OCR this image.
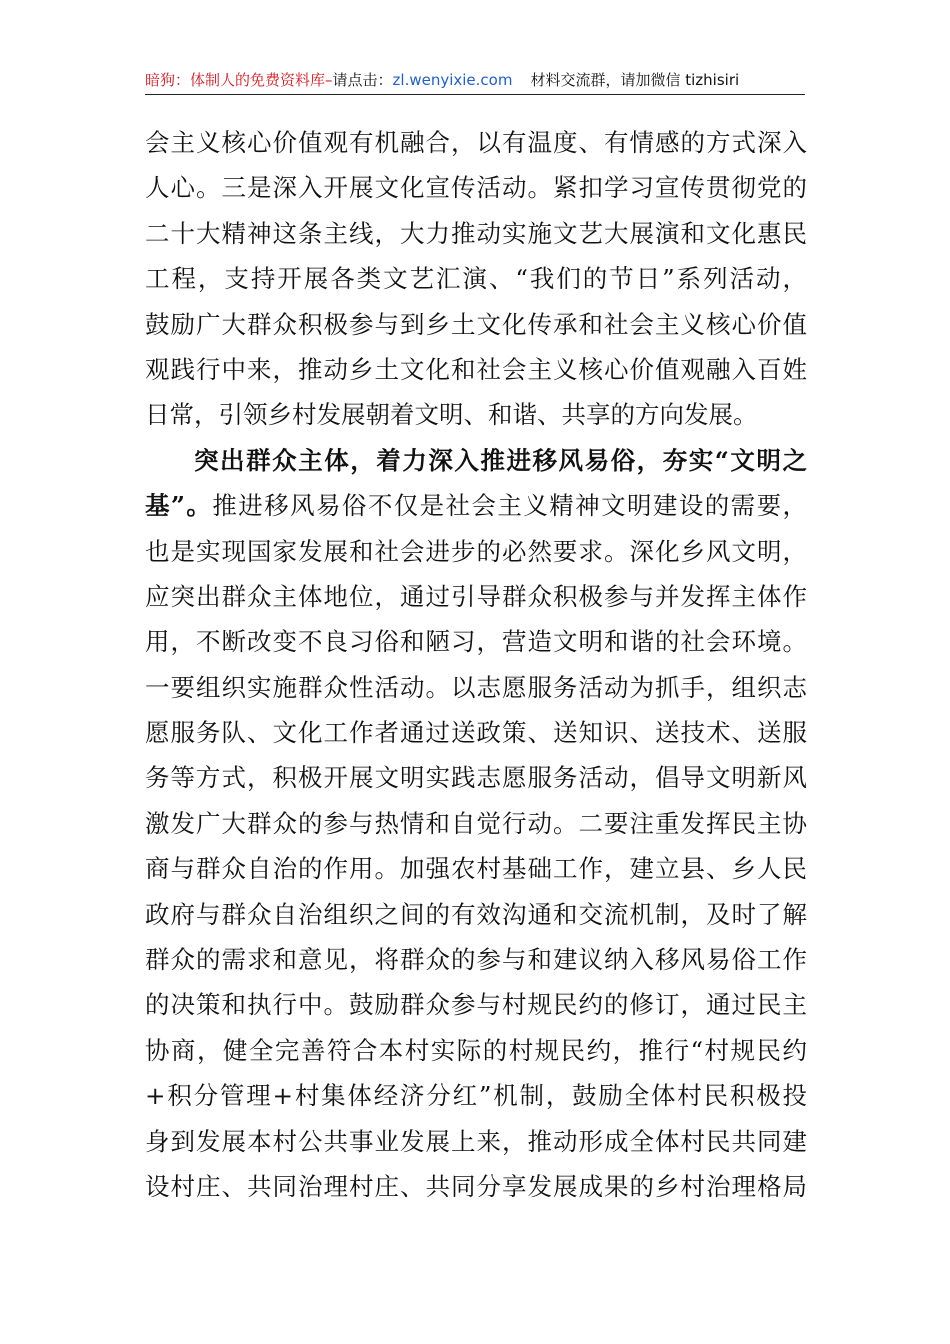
暗狗：体制人的免费资料库–请点击：zl.wenyixie.com 材料交流群，请加微信 tizhisiri
会主义核心价值观有机融合，以有温度、有情感的方式深入
人心。三是深入开展文化宣传活动。紧扣学习宣传贯彻党的
二十大精神这条主线，大力推动实施文艺大展演和文化惠民
工程，支持开展各类文艺汇演、“我们的节日”系列活动，
鼓励广大群众积极参与到乡土文化传承和社会主义核心价值
观践行中来，推动乡土文化和社会主义核心价值观融入百姓
日常，引领乡村发展朝着文明、和谐、共享的方向发展。
突出群众主体，着力深入推进移风易俗，夯实“文明之
基”。推进移风易俗不仅是社会主义精神文明建设的需要，
也是实现国家发展和社会进步的必然要求。深化乡风文明，
应突出群众主体地位，通过引导群众积极参与并发挥主体作
用，不断改变不良习俗和陋习，营造文明和谐的社会环境。
一要组织实施群众性活动。以志愿服务活动为抓手，组织志
愿服务队、文化工作者通过送政策、送知识、送技术、送服
务等方式，积极开展文明实践志愿服务活动，倡导文明新风
激发广大群众的参与热情和自觉行动。二要注重发挥民主协
商与群众自治的作用。加强农村基础工作，建立县、乡人民
政府与群众自治组织之间的有效沟通和交流机制，及时了解
群众的需求和意见，将群众的参与和建议纳入移风易俗工作
的决策和执行中。鼓励群众参与村规民约的修订，通过民主
协商，健全完善符合本村实际的村规民约，推行“村规民约
+积分管理+村集体经济分红”机制，鼓励全体村民积极投
身到发展本村公共事业发展上来，推动形成全体村民共同建
设村庄、共同治理村庄、共同分享发展成果的乡村治理格局
